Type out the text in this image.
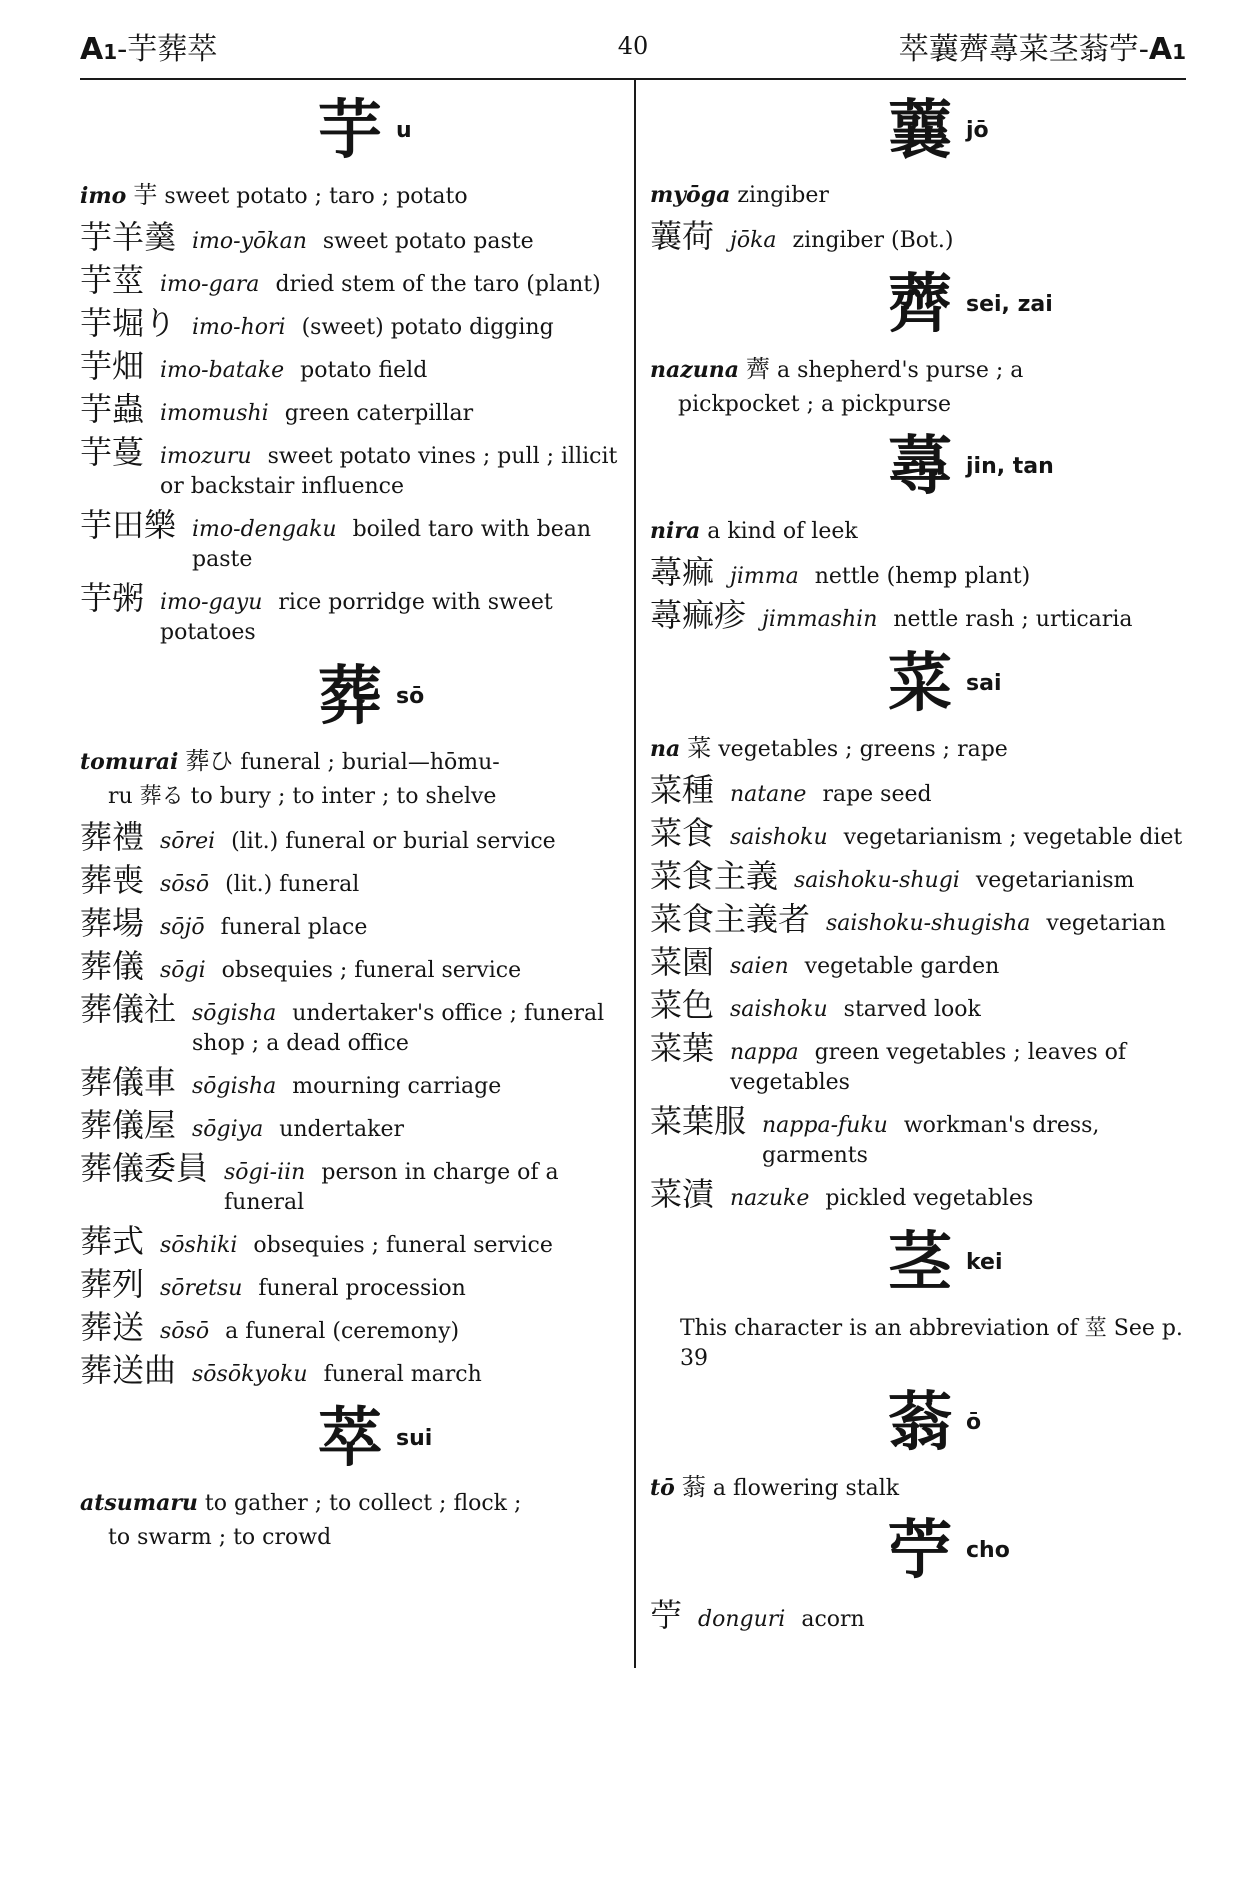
A1-芋葬萃	40	萃蘘薺蕁菜茎蓊苧-A1
芋 u
imo 芋 sweet potato ; taro ; potato
芋羊羹 imo-yōkan sweet potato paste
芋莖 imo-gara dried stem of the taro (plant)
芋堀り imo-hori (sweet) potato digging
芋畑 imo-batake potato field
芋蟲 imomushi green caterpillar
芋蔓 imozuru sweet potato vines ; pull ; illicit or backstair influence
芋田樂 imo-dengaku boiled taro with bean paste
芋粥 imo-gayu rice porridge with sweet potatoes
葬 sō
tomurai 葬ひ funeral ; burial—hōmu-
ru 葬る to bury ; to inter ; to shelve
葬禮 sōrei (lit.) funeral or burial service
葬喪 sōsō (lit.) funeral
葬場 sōjō funeral place
葬儀 sōgi obsequies ; funeral service
葬儀社 sōgisha undertaker's office ; funeral shop ; a dead office
葬儀車 sōgisha mourning carriage
葬儀屋 sōgiya undertaker
葬儀委員 sōgi-iin person in charge of a funeral
葬式 sōshiki obsequies ; funeral service
葬列 sōretsu funeral procession
葬送 sōsō a funeral (ceremony)
葬送曲 sōsōkyoku funeral march
萃 sui
atsumaru to gather ; to collect ; flock ;
to swarm ; to crowd
蘘 jō
myōga zingiber
蘘荷 jōka zingiber (Bot.)
薺 sei, zai
nazuna 薺 a shepherd's purse ; a
pickpocket ; a pickpurse
蕁 jin, tan
nira a kind of leek
蕁痲 jimma nettle (hemp plant)
蕁痲疹 jimmashin nettle rash ; urticaria
菜 sai
na 菜 vegetables ; greens ; rape
菜種 natane rape seed
菜食 saishoku vegetarianism ; vegetable diet
菜食主義 saishoku-shugi vegetarianism
菜食主義者 saishoku-shugisha vegetarian
菜園 saien vegetable garden
菜色 saishoku starved look
菜葉 nappa green vegetables ; leaves of vegetables
菜葉服 nappa-fuku workman's dress, garments
菜漬 nazuke pickled vegetables
茎 kei
This character is an abbreviation of 莖 See p. 39
蓊 ō
tō 蓊 a flowering stalk
苧 cho
苧 donguri acorn
